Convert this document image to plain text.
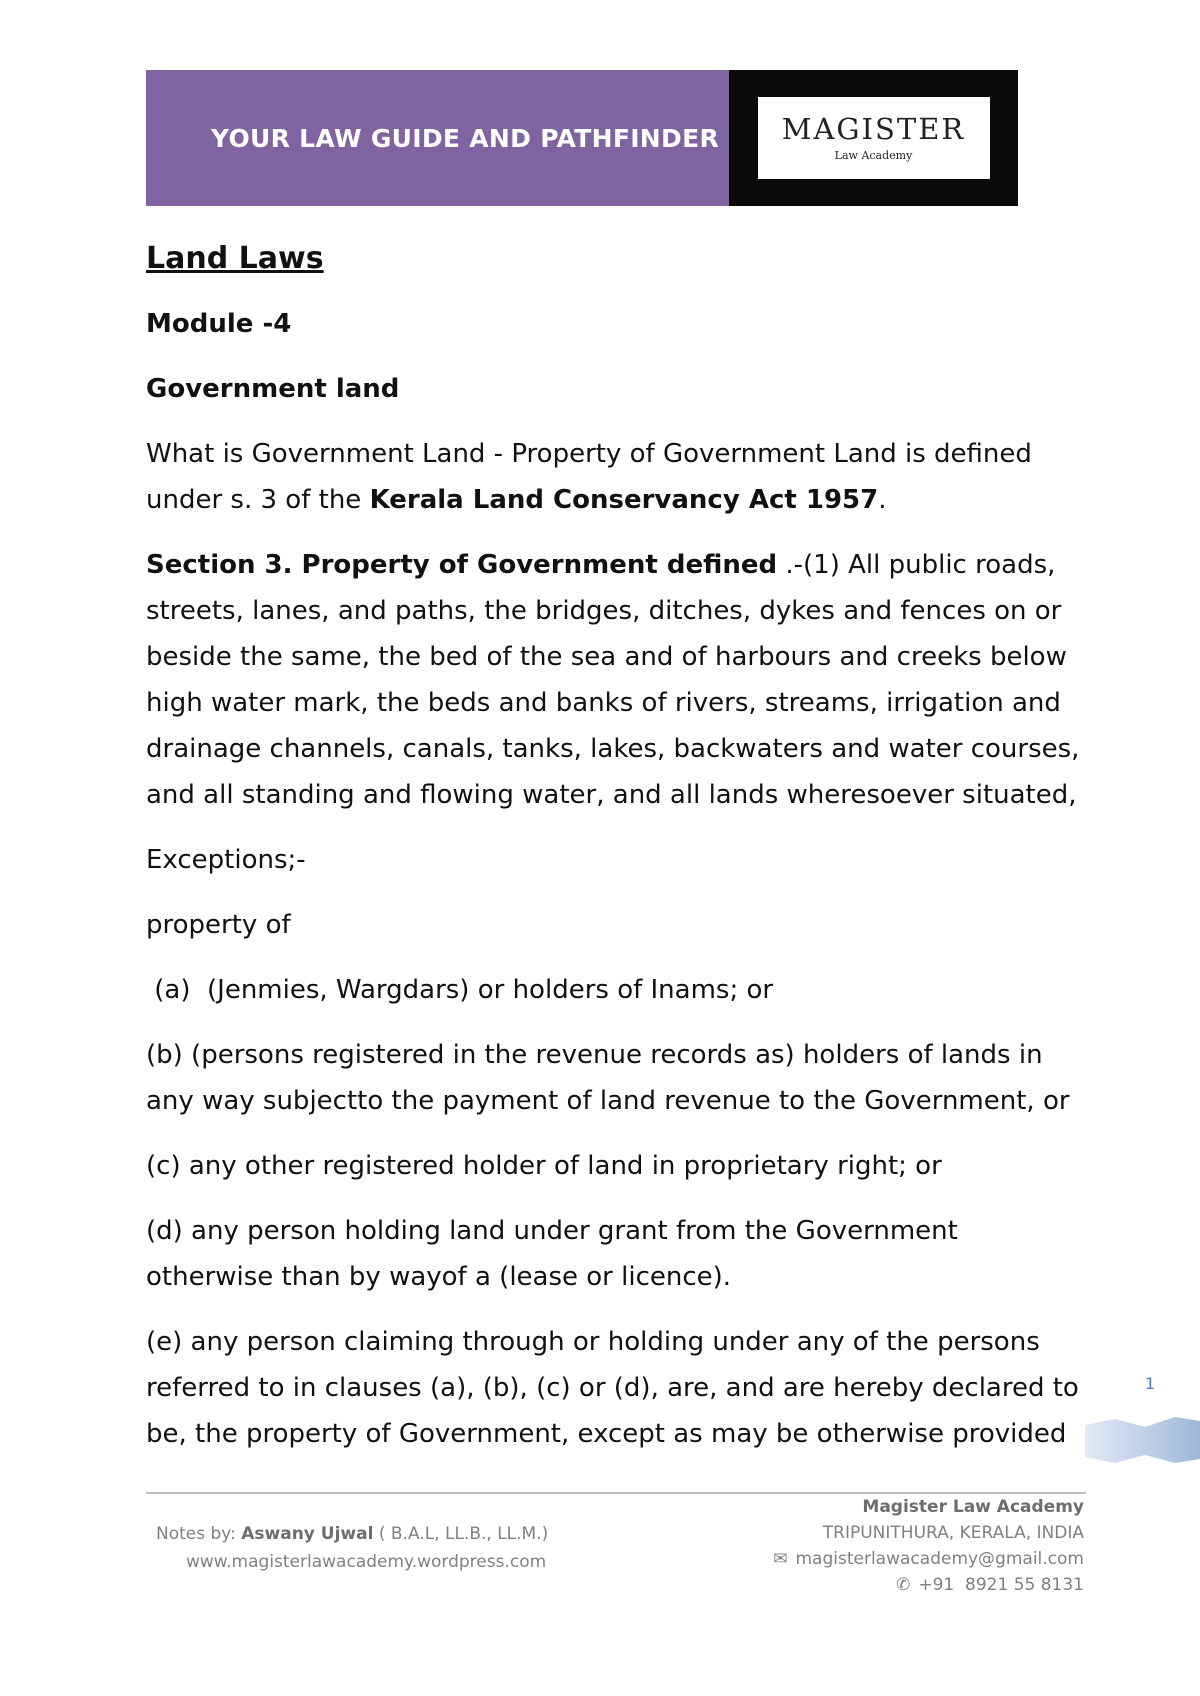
YOUR LAW GUIDE AND PATHFINDER MAGISTER
Law Academy

Land Laws

Module -4

Government land

What is Government Land - Property of Government Land is defined under s. 3 of the Kerala Land Conservancy Act 1957.

Section 3. Property of Government defined .-(1) All public roads, streets, lanes, and paths, the bridges, ditches, dykes and fences on or beside the same, the bed of the sea and of harbours and creeks below high water mark, the beds and banks of rivers, streams, irrigation and drainage channels, canals, tanks, lakes, backwaters and water courses, and all standing and flowing water, and all lands wheresoever situated,

Exceptions;-

property of

(a)  (Jenmies, Wargdars) or holders of Inams; or

(b) (persons registered in the revenue records as) holders of lands in any way subjectto the payment of land revenue to the Government, or

(c) any other registered holder of land in proprietary right; or

(d) any person holding land under grant from the Government otherwise than by wayof a (lease or licence).

(e) any person claiming through or holding under any of the persons referred to in clauses (a), (b), (c) or (d), are, and are hereby declared to be, the property of Government, except as may be otherwise provided

1
Notes by: Aswany Ujwal ( B.A.L, LL.B., LL.M.)
www.magisterlawacademy.wordpress.com
Magister Law Academy
TRIPUNITHURA, KERALA, INDIA
✉ magisterlawacademy@gmail.com
✆ +91  8921 55 8131
